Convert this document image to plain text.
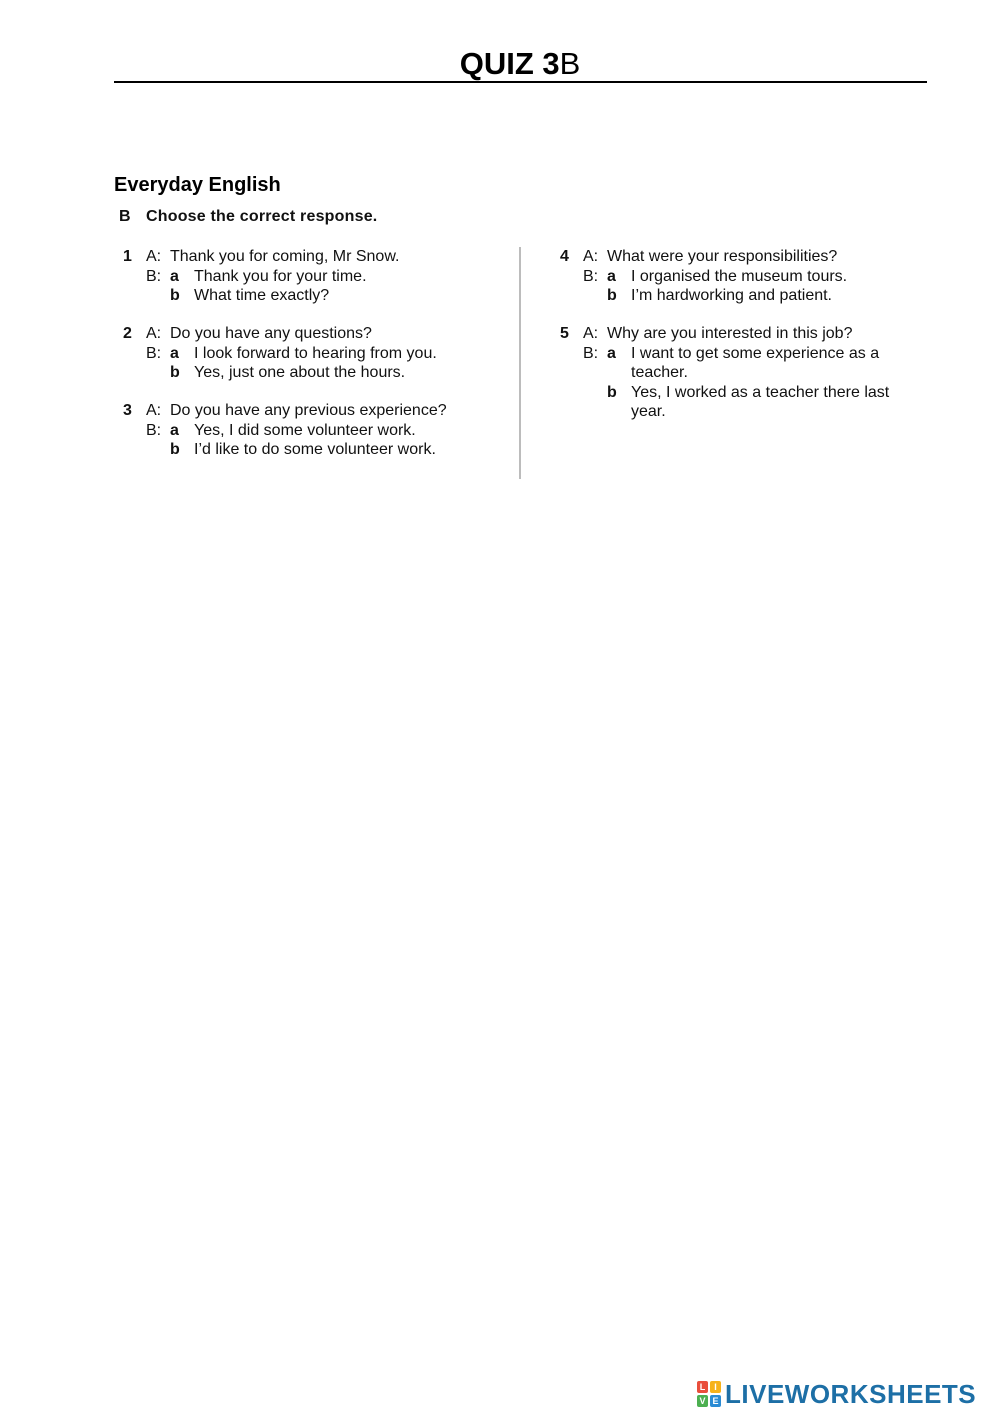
QUIZ 3B
Everyday English
B Choose the correct response.
1 A: Thank you for coming, Mr Snow.
B: a Thank you for your time.
b What time exactly?
2 A: Do you have any questions?
B: a I look forward to hearing from you.
b Yes, just one about the hours.
3 A: Do you have any previous experience?
B: a Yes, I did some volunteer work.
b I’d like to do some volunteer work.
4 A: What were your responsibilities?
B: a I organised the museum tours.
b I’m hardworking and patient.
5 A: Why are you interested in this job?
B: a I want to get some experience as a teacher.
b Yes, I worked as a teacher there last year.
L I
V E LIVEWORKSHEETS
